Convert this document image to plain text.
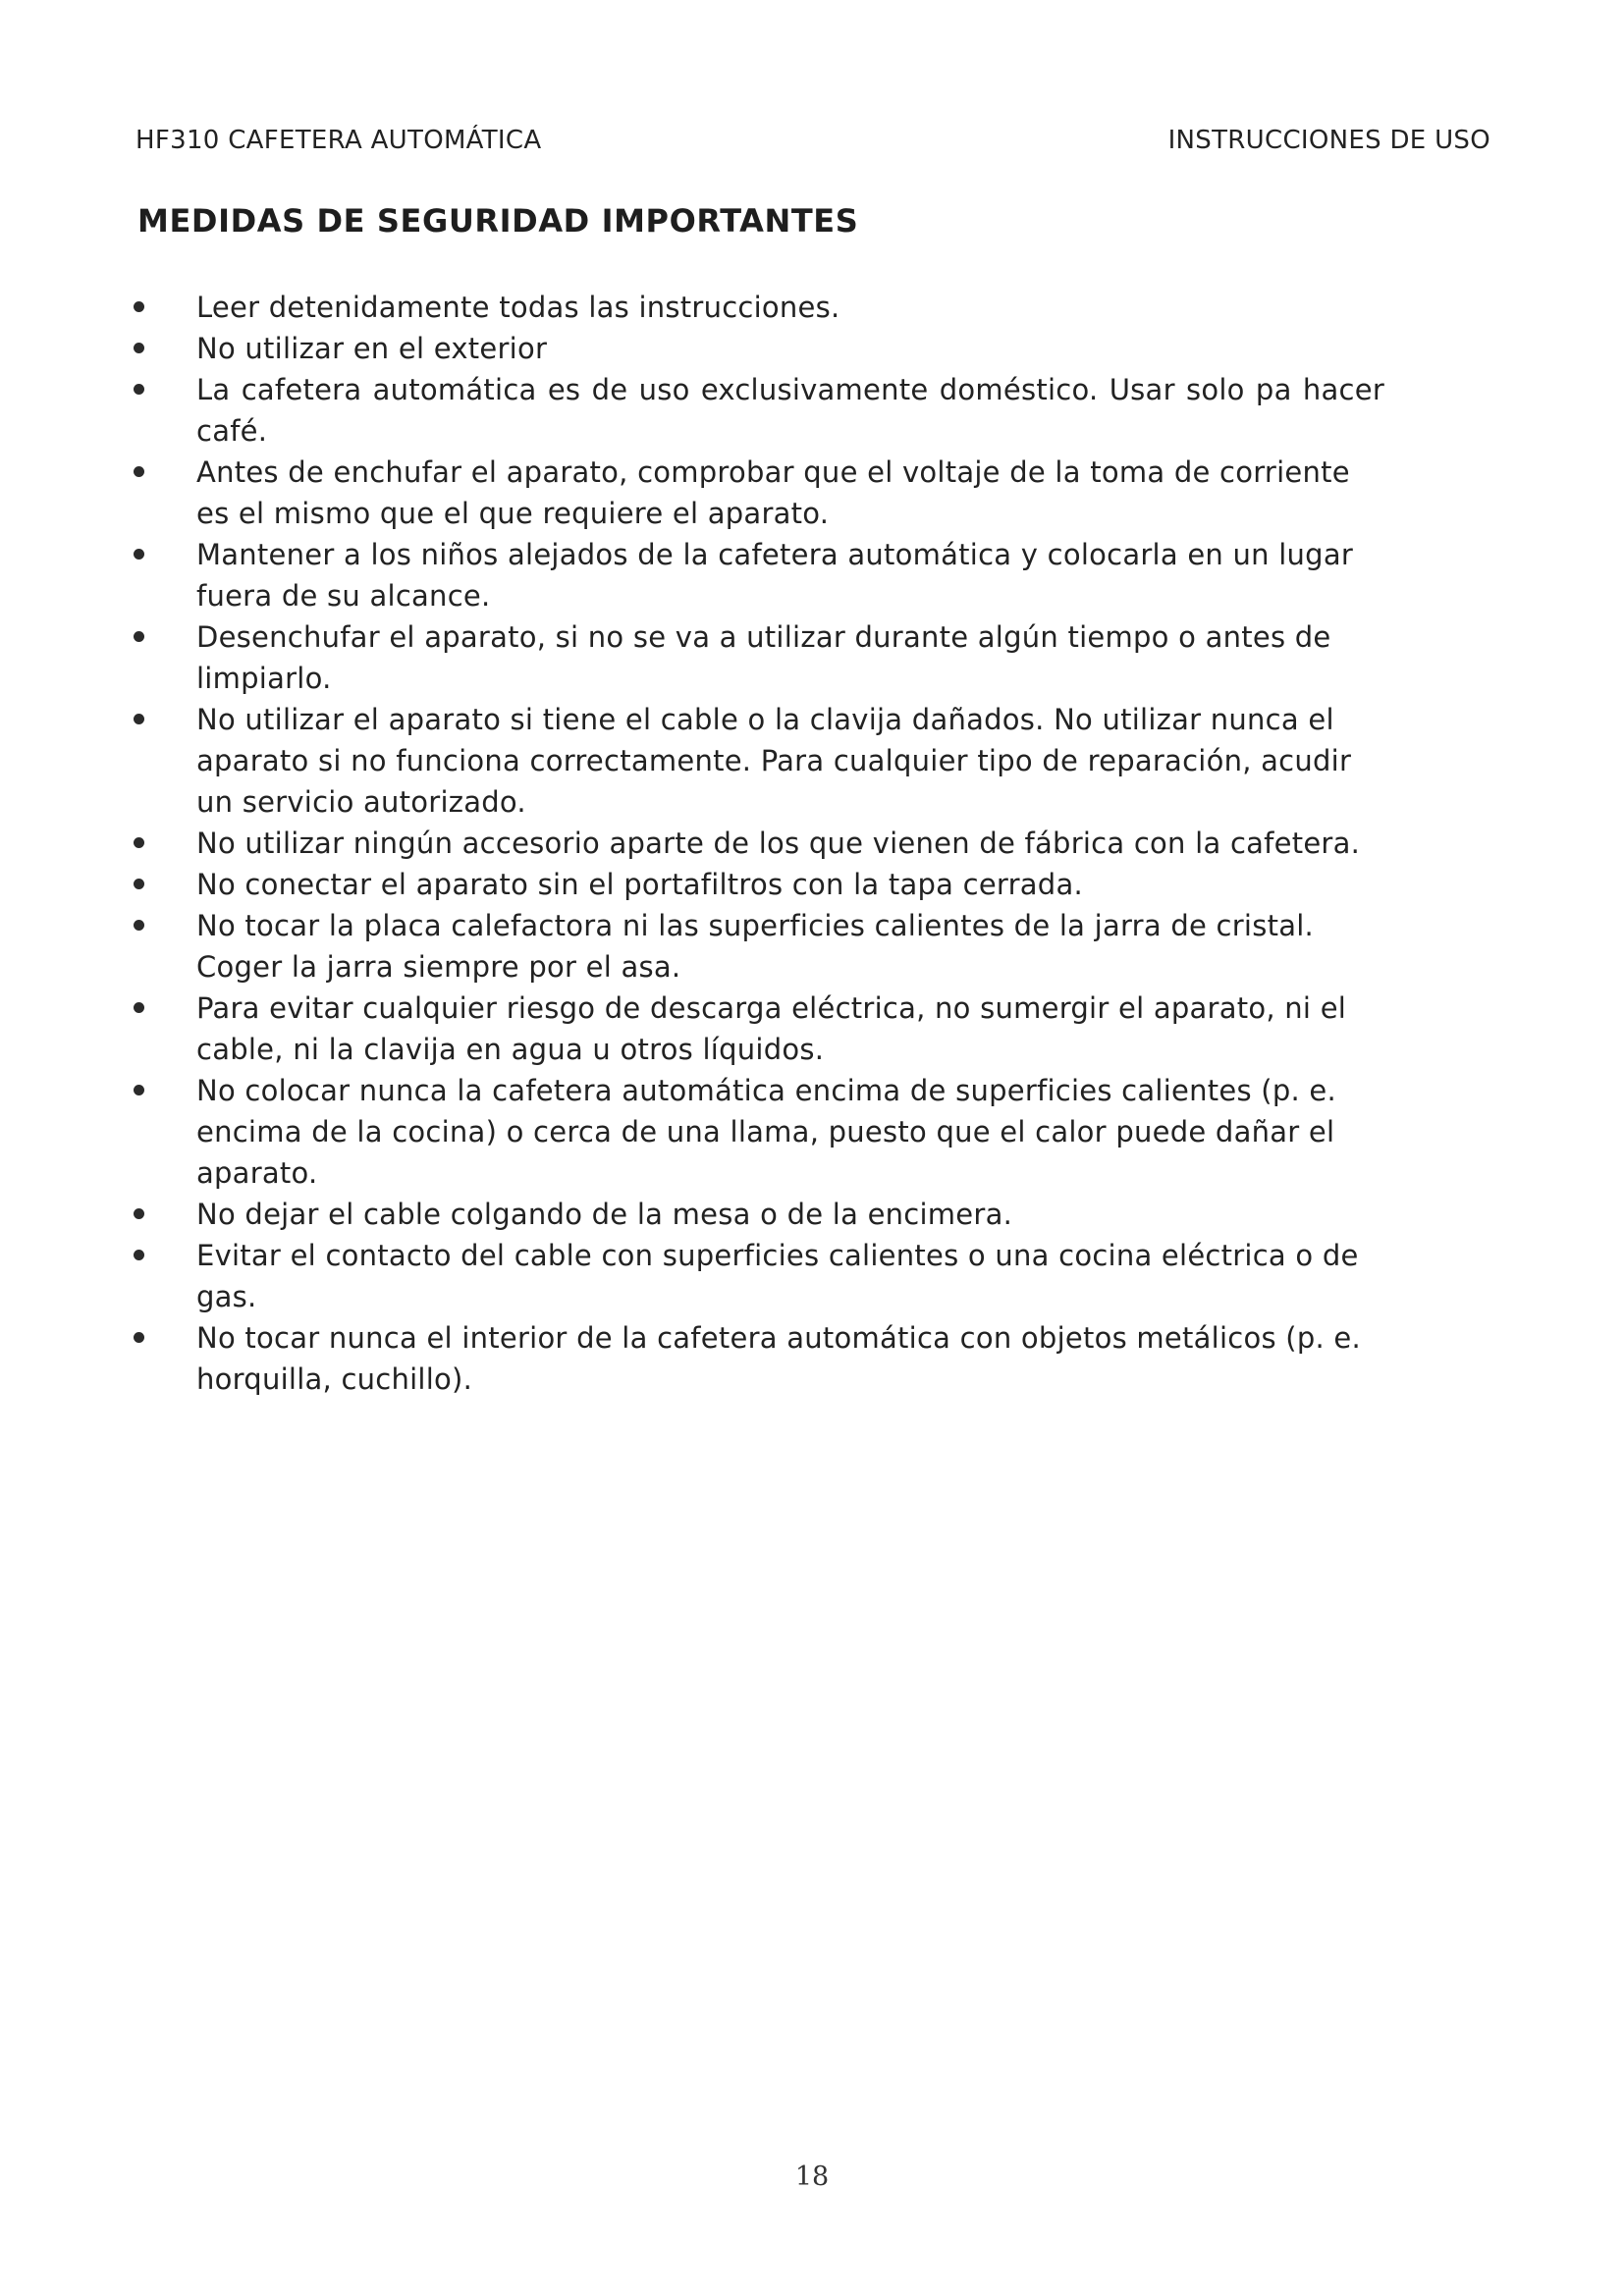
HF310 CAFETERA AUTOMÁTICA	INSTRUCCIONES DE USO
MEDIDAS DE SEGURIDAD IMPORTANTES
Leer detenidamente todas las instrucciones.
No utilizar en el exterior
La cafetera automática es de uso exclusivamente doméstico. Usar solo pa hacer café.
Antes de enchufar el aparato, comprobar que el voltaje de la toma de corriente es el mismo que el que requiere el aparato.
Mantener a los niños alejados de la cafetera automática y colocarla en un lugar fuera de su alcance.
Desenchufar el aparato, si no se va a utilizar durante algún tiempo o antes de limpiarlo.
No utilizar el aparato si tiene el cable o la clavija dañados. No utilizar nunca el aparato si no funciona correctamente. Para cualquier tipo de reparación, acudir un servicio autorizado.
No utilizar ningún accesorio aparte de los que vienen de fábrica con la cafetera.
No conectar el aparato sin el portafiltros con la tapa cerrada.
No tocar la placa calefactora ni las superficies calientes de la jarra de cristal. Coger la jarra siempre por el asa.
Para evitar cualquier riesgo de descarga eléctrica, no sumergir el aparato, ni el cable, ni la clavija en agua u otros líquidos.
No colocar nunca la cafetera automática encima de superficies calientes (p. e. encima de la cocina) o cerca de una llama, puesto que el calor puede dañar el aparato.
No dejar el cable colgando de la mesa o de la encimera.
Evitar el contacto del cable con superficies calientes o una cocina eléctrica o de gas.
No tocar nunca el interior de la cafetera automática con objetos metálicos (p. e. horquilla, cuchillo).
18
